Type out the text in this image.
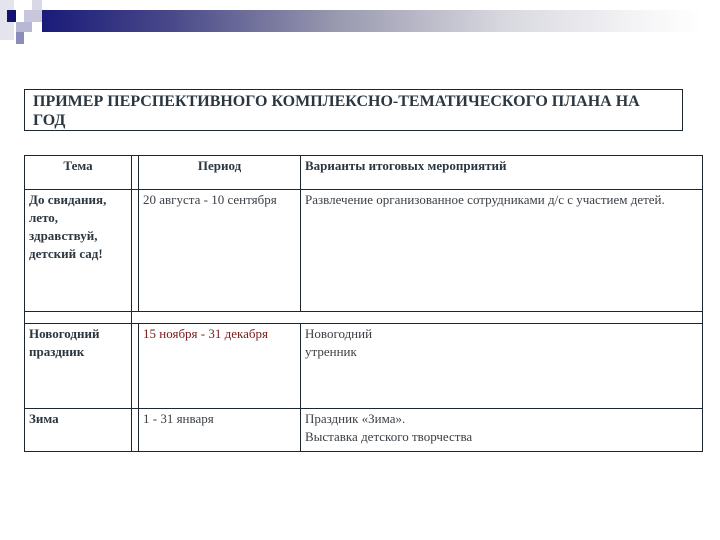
ПРИМЕР ПЕРСПЕКТИВНОГО КОМПЛЕКСНО-ТЕМАТИЧЕСКОГО ПЛАНА НА ГОД
Тема		Период	Варианты итоговых мероприятий
До свидания, лето, здравствуй, детский сад!		20 августа - 10 сентября	Развлечение организованное сотрудниками д/с с участием детей.

Новогодний праздник		15 ноября - 31 декабря	Новогодний утренник

Зима		1 - 31 января	Праздник «Зима».
Выставка детского творчества
